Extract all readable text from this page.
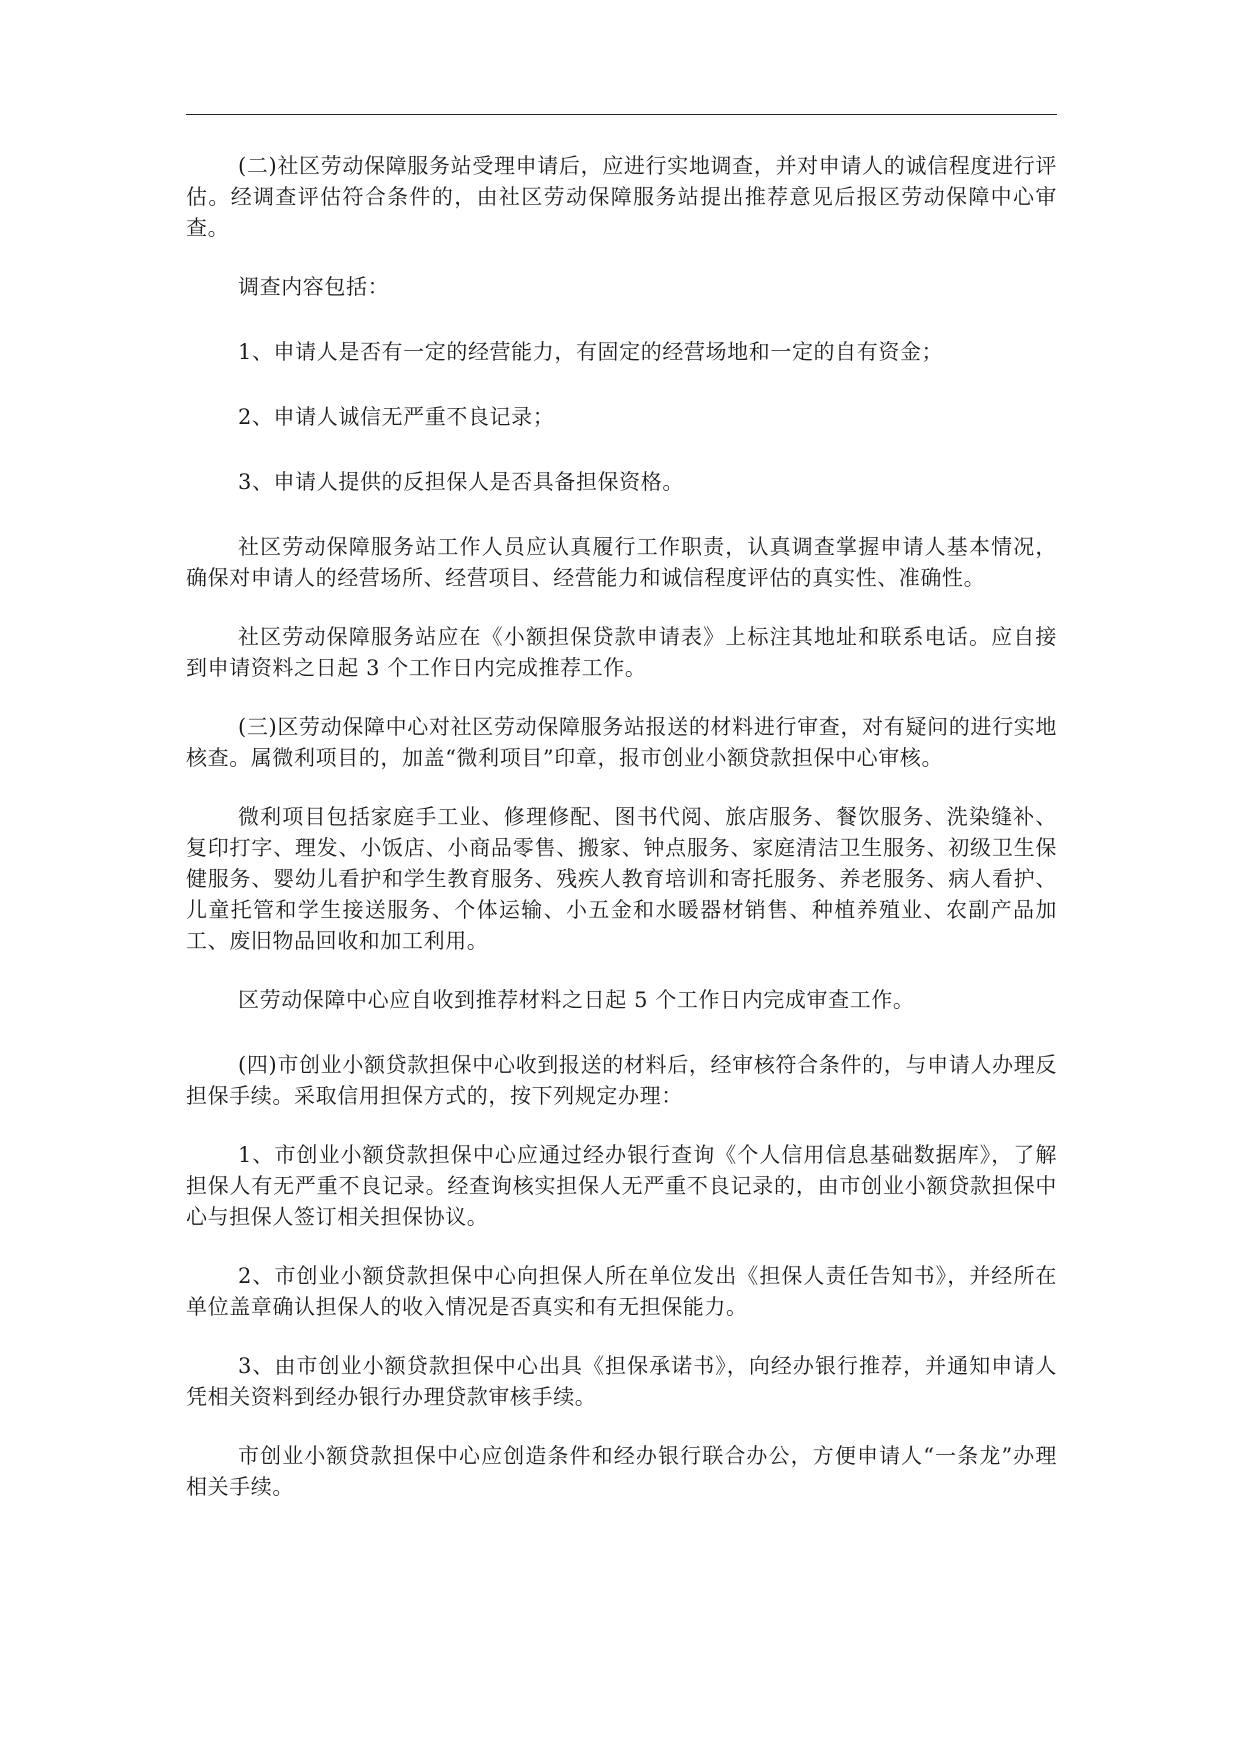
(二)社区劳动保障服务站受理申请后，应进行实地调查，并对申请人的诚信程度进行评估。经调查评估符合条件的，由社区劳动保障服务站提出推荐意见后报区劳动保障中心审查。

调查内容包括：

1、申请人是否有一定的经营能力，有固定的经营场地和一定的自有资金；

2、申请人诚信无严重不良记录；

3、申请人提供的反担保人是否具备担保资格。

社区劳动保障服务站工作人员应认真履行工作职责，认真调查掌握申请人基本情况，确保对申请人的经营场所、经营项目、经营能力和诚信程度评估的真实性、准确性。

社区劳动保障服务站应在《小额担保贷款申请表》上标注其地址和联系电话。应自接到申请资料之日起 3 个工作日内完成推荐工作。

(三)区劳动保障中心对社区劳动保障服务站报送的材料进行审查，对有疑问的进行实地核查。属微利项目的，加盖“微利项目”印章，报市创业小额贷款担保中心审核。

微利项目包括家庭手工业、修理修配、图书代阅、旅店服务、餐饮服务、洗染缝补、复印打字、理发、小饭店、小商品零售、搬家、钟点服务、家庭清洁卫生服务、初级卫生保健服务、婴幼儿看护和学生教育服务、残疾人教育培训和寄托服务、养老服务、病人看护、儿童托管和学生接送服务、个体运输、小五金和水暖器材销售、种植养殖业、农副产品加工、废旧物品回收和加工利用。

区劳动保障中心应自收到推荐材料之日起 5 个工作日内完成审查工作。

(四)市创业小额贷款担保中心收到报送的材料后，经审核符合条件的，与申请人办理反担保手续。采取信用担保方式的，按下列规定办理：

1、市创业小额贷款担保中心应通过经办银行查询《个人信用信息基础数据库》，了解担保人有无严重不良记录。经查询核实担保人无严重不良记录的，由市创业小额贷款担保中心与担保人签订相关担保协议。

2、市创业小额贷款担保中心向担保人所在单位发出《担保人责任告知书》，并经所在单位盖章确认担保人的收入情况是否真实和有无担保能力。

3、由市创业小额贷款担保中心出具《担保承诺书》，向经办银行推荐，并通知申请人凭相关资料到经办银行办理贷款审核手续。

市创业小额贷款担保中心应创造条件和经办银行联合办公，方便申请人“一条龙”办理相关手续。
